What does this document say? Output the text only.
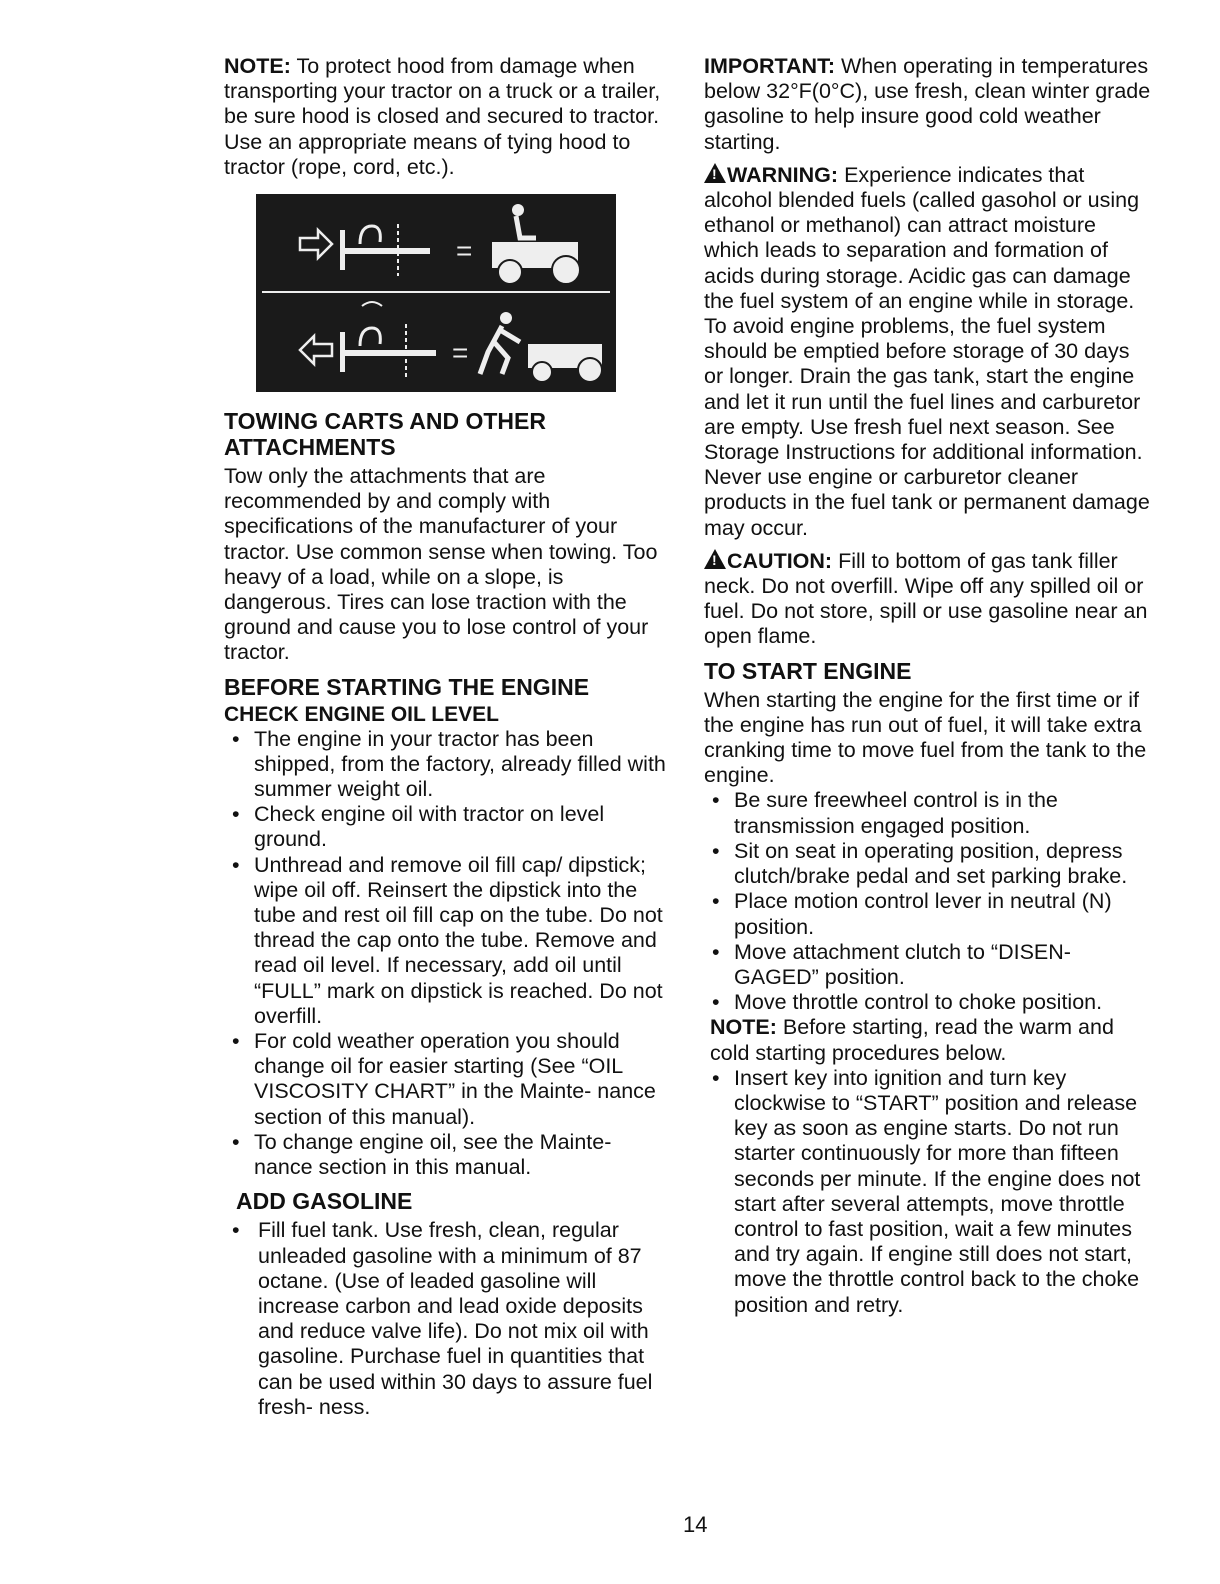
NOTE: To protect hood from damage when transporting your tractor on a truck or a trailer, be sure hood is closed and secured to tractor. Use an appropriate means of tying hood to tractor (rope, cord, etc.).

=
=
TOWING CARTS AND OTHER ATTACHMENTS

Tow only the attachments that are recommended by and comply with specifications of the manufacturer of your tractor. Use common sense when towing. Too heavy of a load, while on a slope, is dangerous. Tires can lose traction with the ground and cause you to lose control of your tractor.

BEFORE STARTING THE ENGINE
CHECK ENGINE OIL LEVEL
• The engine in your tractor has been shipped, from the factory, already filled with summer weight oil.
• Check engine oil with tractor on level ground.
• Unthread and remove oil fill cap/ dipstick; wipe oil off. Reinsert the dipstick into the tube and rest oil fill cap on the tube. Do not thread the cap onto the tube. Remove and read oil level. If necessary, add oil until “FULL” mark on dipstick is reached. Do not overfill.
• For cold weather operation you should change oil for easier starting (See “OIL VISCOSITY CHART” in the Mainte- nance section of this manual).
• To change engine oil, see the Mainte- nance section in this manual.
ADD GASOLINE
• Fill fuel tank. Use fresh, clean, regular unleaded gasoline with a minimum of 87 octane. (Use of leaded gasoline will increase carbon and lead oxide deposits and reduce valve life). Do not mix oil with gasoline. Purchase fuel in quantities that can be used within 30 days to assure fuel fresh- ness.

IMPORTANT: When operating in temperatures below 32°F(0°C), use fresh, clean winter grade gasoline to help insure good cold weather starting.

!WARNING: Experience indicates that alcohol blended fuels (called gasohol or using ethanol or methanol) can attract moisture which leads to separation and formation of acids during storage. Acidic gas can damage the fuel system of an engine while in storage. To avoid engine problems, the fuel system should be emptied before storage of 30 days or longer. Drain the gas tank, start the engine and let it run until the fuel lines and carburetor are empty. Use fresh fuel next season. See Storage Instructions for additional information. Never use engine or carburetor cleaner products in the fuel tank or permanent damage may occur.

!CAUTION: Fill to bottom of gas tank filler neck. Do not overfill. Wipe off any spilled oil or fuel. Do not store, spill or use gasoline near an open flame.

TO START ENGINE

When starting the engine for the first time or if the engine has run out of fuel, it will take extra cranking time to move fuel from the tank to the engine.

• Be sure freewheel control is in the transmission engaged position.
• Sit on seat in operating position, depress clutch/brake pedal and set parking brake.
• Place motion control lever in neutral (N) position.
• Move attachment clutch to “DISEN- GAGED” position.
• Move throttle control to choke position.

NOTE: Before starting, read the warm and cold starting procedures below.

• Insert key into ignition and turn key clockwise to “START” position and release key as soon as engine starts. Do not run starter continuously for more than fifteen seconds per minute. If the engine does not start after several attempts, move throttle control to fast position, wait a few minutes and try again. If engine still does not start, move the throttle control back to the choke position and retry.
14
